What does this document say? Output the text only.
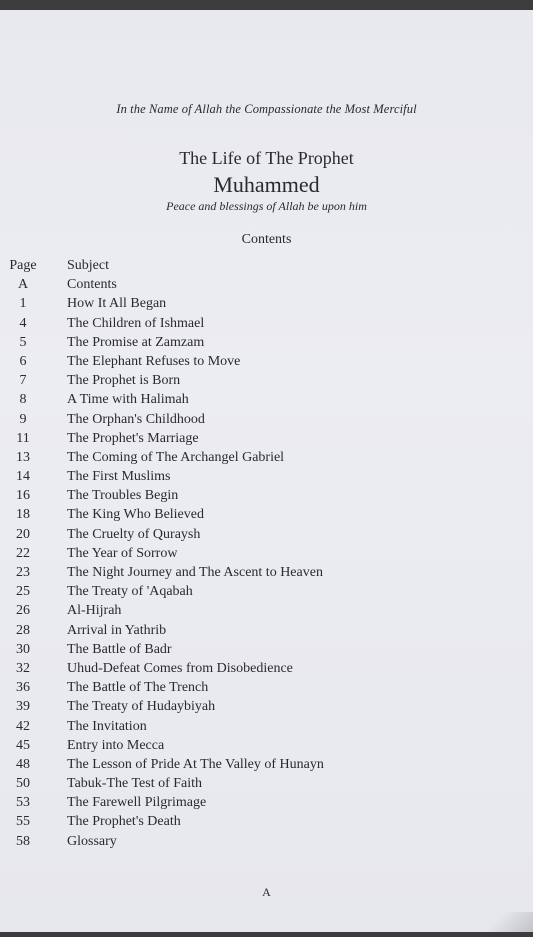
In the Name of Allah the Compassionate the Most Merciful
The Life of The Prophet
Muhammed
Peace and blessings of Allah be upon him
Contents
Page	Subject
A	Contents
1	How It All Began
4	The Children of Ishmael
5	The Promise at Zamzam
6	The Elephant Refuses to Move
7	The Prophet is Born
8	A Time with Halimah
9	The Orphan's Childhood
11	The Prophet's Marriage
13	The Coming of The Archangel Gabriel
14	The First Muslims
16	The Troubles Begin
18	The King Who Believed
20	The Cruelty of Quraysh
22	The Year of Sorrow
23	The Night Journey and The Ascent to Heaven
25	The Treaty of 'Aqabah
26	Al-Hijrah
28	Arrival in Yathrib
30	The Battle of Badr
32	Uhud-Defeat Comes from Disobedience
36	The Battle of The Trench
39	The Treaty of Hudaybiyah
42	The Invitation
45	Entry into Mecca
48	The Lesson of Pride At The Valley of Hunayn
50	Tabuk-The Test of Faith
53	The Farewell Pilgrimage
55	The Prophet's Death
58	Glossary
A
